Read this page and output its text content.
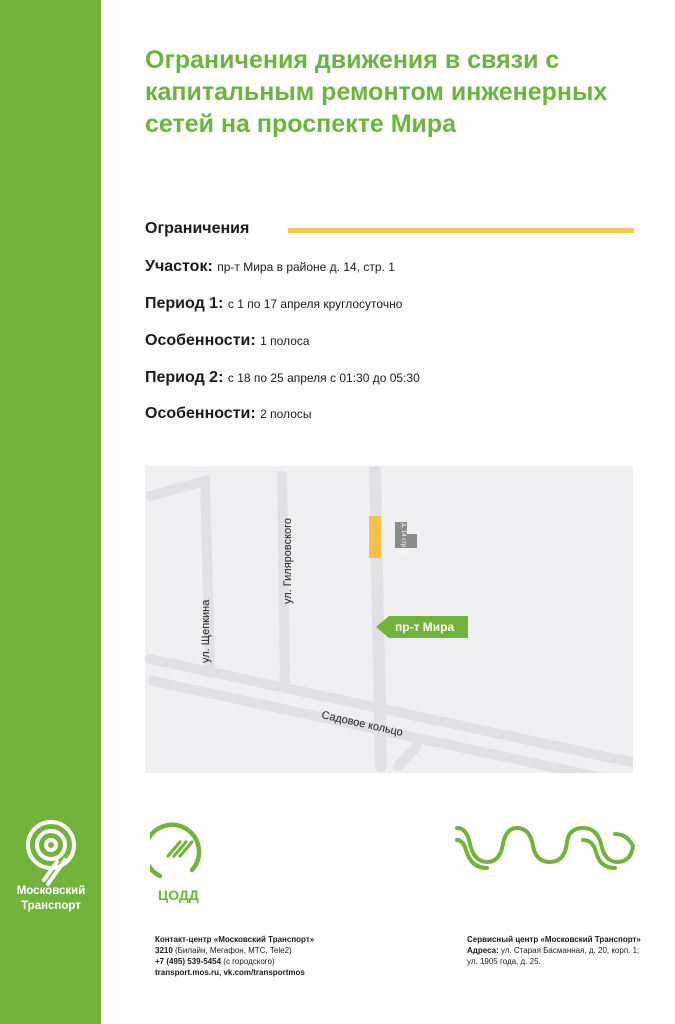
Московский
Транспорт
Ограничения движения в связи с капитальным ремонтом инженерных сетей на проспекте Мира
Ограничения
Участок: пр-т Мира в районе д. 14, стр. 1
Период 1: с 1 по 17 апреля круглосуточно
Особенности: 1 полоса
Период 2: с 18 по 25 апреля с 01:30 до 05:30
Особенности: 2 полосы
д. 14 стр. 1
ул. Щепкина
ул. Гиляровского
Садовое кольцо
пр-т Мира
ЦОДД
Контакт-центр «Московский Транспорт»
3210 (Билайн, Мегафон, МТС, Tele2)
+7 (495) 539-5454 (с городского)
transport.mos.ru, vk.com/transportmos
Сервисный центр «Московский Транспорт»
Адреса: ул. Старая Басманная, д. 20, корп. 1;
ул. 1905 года, д. 25.
